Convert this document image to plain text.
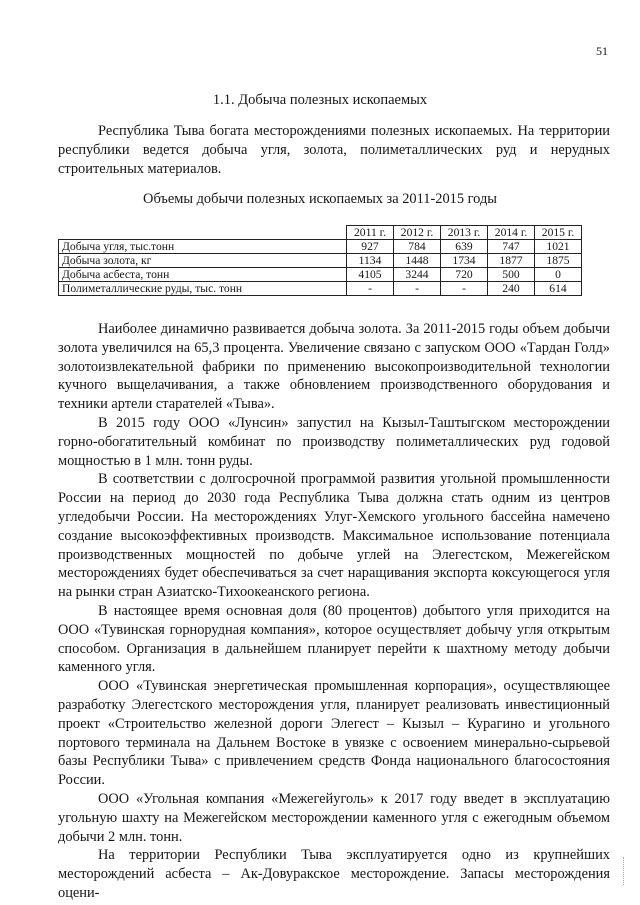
51
1.1. Добыча полезных ископаемых

Республика Тыва богата месторождениями полезных ископаемых. На территории республики ведется добыча угля, золота, полиметаллических руд и нерудных строительных материалов.

Объемы добычи полезных ископаемых за 2011-2015 годы
	2011 г.	2012 г.	2013 г.	2014 г.	2015 г.
Добыча угля, тыс.тонн	927	784	639	747	1021
Добыча золота, кг	1134	1448	1734	1877	1875
Добыча асбеста, тонн	4105	3244	720	500	0
Полиметаллические руды, тыс. тонн	-	-	-	240	614

Наиболее динамично развивается добыча золота. За 2011-2015 годы объем добычи золота увеличился на 65,3 процента. Увеличение связано с запуском ООО «Тардан Голд» золотоизвлекательной фабрики по применению высокопроизводительной технологии кучного выщелачивания, а также обновлением производственного оборудования и техники артели старателей «Тыва».

В 2015 году ООО «Лунсин» запустил на Кызыл-Таштыгском месторождении горно-обогатительный комбинат по производству полиметаллических руд годовой мощностью в 1 млн. тонн руды.

В соответствии с долгосрочной программой развития угольной промышленности России на период до 2030 года Республика Тыва должна стать одним из центров угледобычи России. На месторождениях Улуг-Хемского угольного бассейна намечено создание высокоэффективных производств. Максимальное использование потенциала производственных мощностей по добыче углей на Элегестском, Межегейском месторождениях будет обеспечиваться за счет наращивания экспорта коксующегося угля на рынки стран Азиатско-Тихоокеанского региона.

В настоящее время основная доля (80 процентов) добытого угля приходится на ООО «Тувинская горнорудная компания», которое осуществляет добычу угля открытым способом. Организация в дальнейшем планирует перейти к шахтному методу добычи каменного угля.

ООО «Тувинская энергетическая промышленная корпорация», осуществляющее разработку Элегестского месторождения угля, планирует реализовать инвестиционный проект «Строительство железной дороги Элегест – Кызыл – Курагино и угольного портового терминала на Дальнем Востоке в увязке с освоением минерально-сырьевой базы Республики Тыва» с привлечением средств Фонда национального благосостояния России.

ООО «Угольная компания «Межегейуголь» к 2017 году введет в эксплуатацию угольную шахту на Межегейском месторождении каменного угля с ежегодным объемом добычи 2 млн. тонн.

На территории Республики Тыва эксплуатируется одно из крупнейших месторождений асбеста – Ак-Довуракское месторождение. Запасы месторождения оцени-
